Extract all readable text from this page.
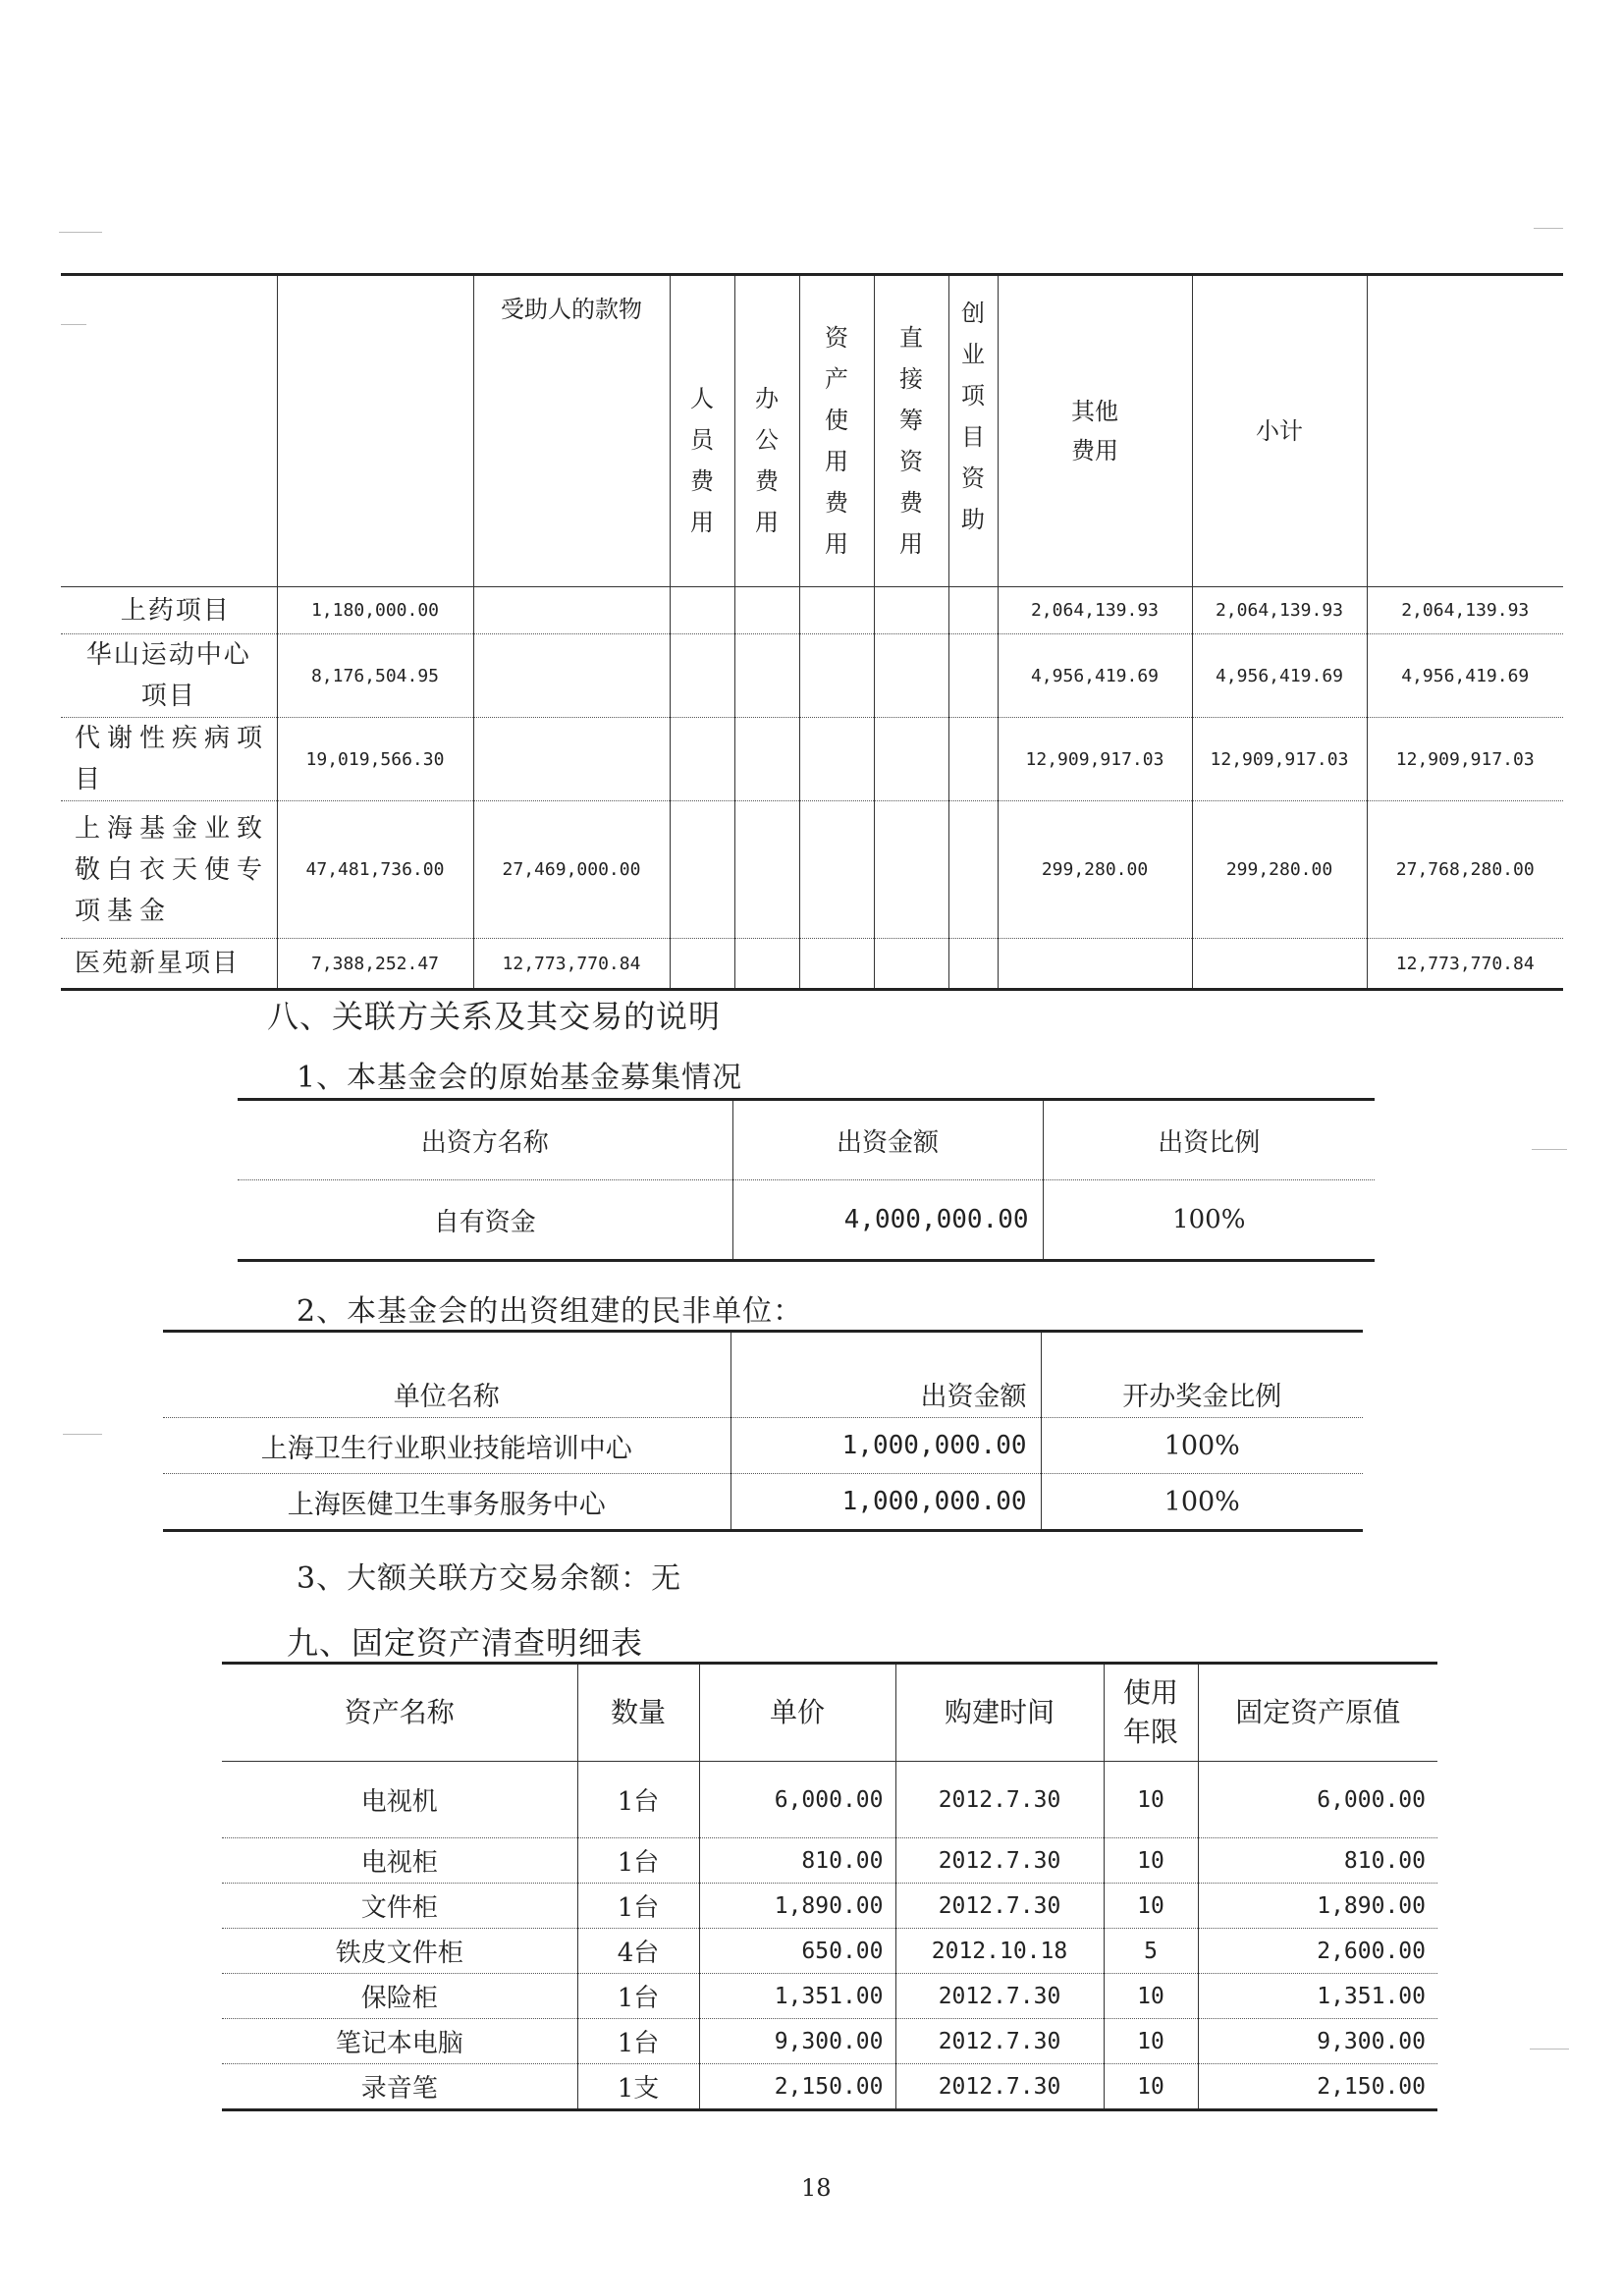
		受助人的款物	人员费用	办公费用	资产使用费用	直接筹资费用	创业项目资助	其他费用	小计	
上药项目	1,180,000.00							2,064,139.93	2,064,139.93	2,064,139.93
华山运动中心项目	8,176,504.95							4,956,419.69	4,956,419.69	4,956,419.69
代谢性疾病项目	19,019,566.30							12,909,917.03	12,909,917.03	12,909,917.03
上海基金业致敬白衣天使专项基金	47,481,736.00	27,469,000.00						299,280.00	299,280.00	27,768,280.00
医苑新星项目	7,388,252.47	12,773,770.84								12,773,770.84
八、关联方关系及其交易的说明
1、本基金会的原始基金募集情况
出资方名称	出资金额	出资比例
自有资金	4,000,000.00	100%
2、本基金会的出资组建的民非单位：
单位名称	出资金额	开办奖金比例
上海卫生行业职业技能培训中心	1,000,000.00	100%
上海医健卫生事务服务中心	1,000,000.00	100%
3、大额关联方交易余额：无
九、固定资产清查明细表
资产名称	数量	单价	购建时间	使用年限	固定资产原值
电视机	1台	6,000.00	2012.7.30	10	6,000.00
电视柜	1台	810.00	2012.7.30	10	810.00
文件柜	1台	1,890.00	2012.7.30	10	1,890.00
铁皮文件柜	4台	650.00	2012.10.18	5	2,600.00
保险柜	1台	1,351.00	2012.7.30	10	1,351.00
笔记本电脑	1台	9,300.00	2012.7.30	10	9,300.00
录音笔	1支	2,150.00	2012.7.30	10	2,150.00
18
